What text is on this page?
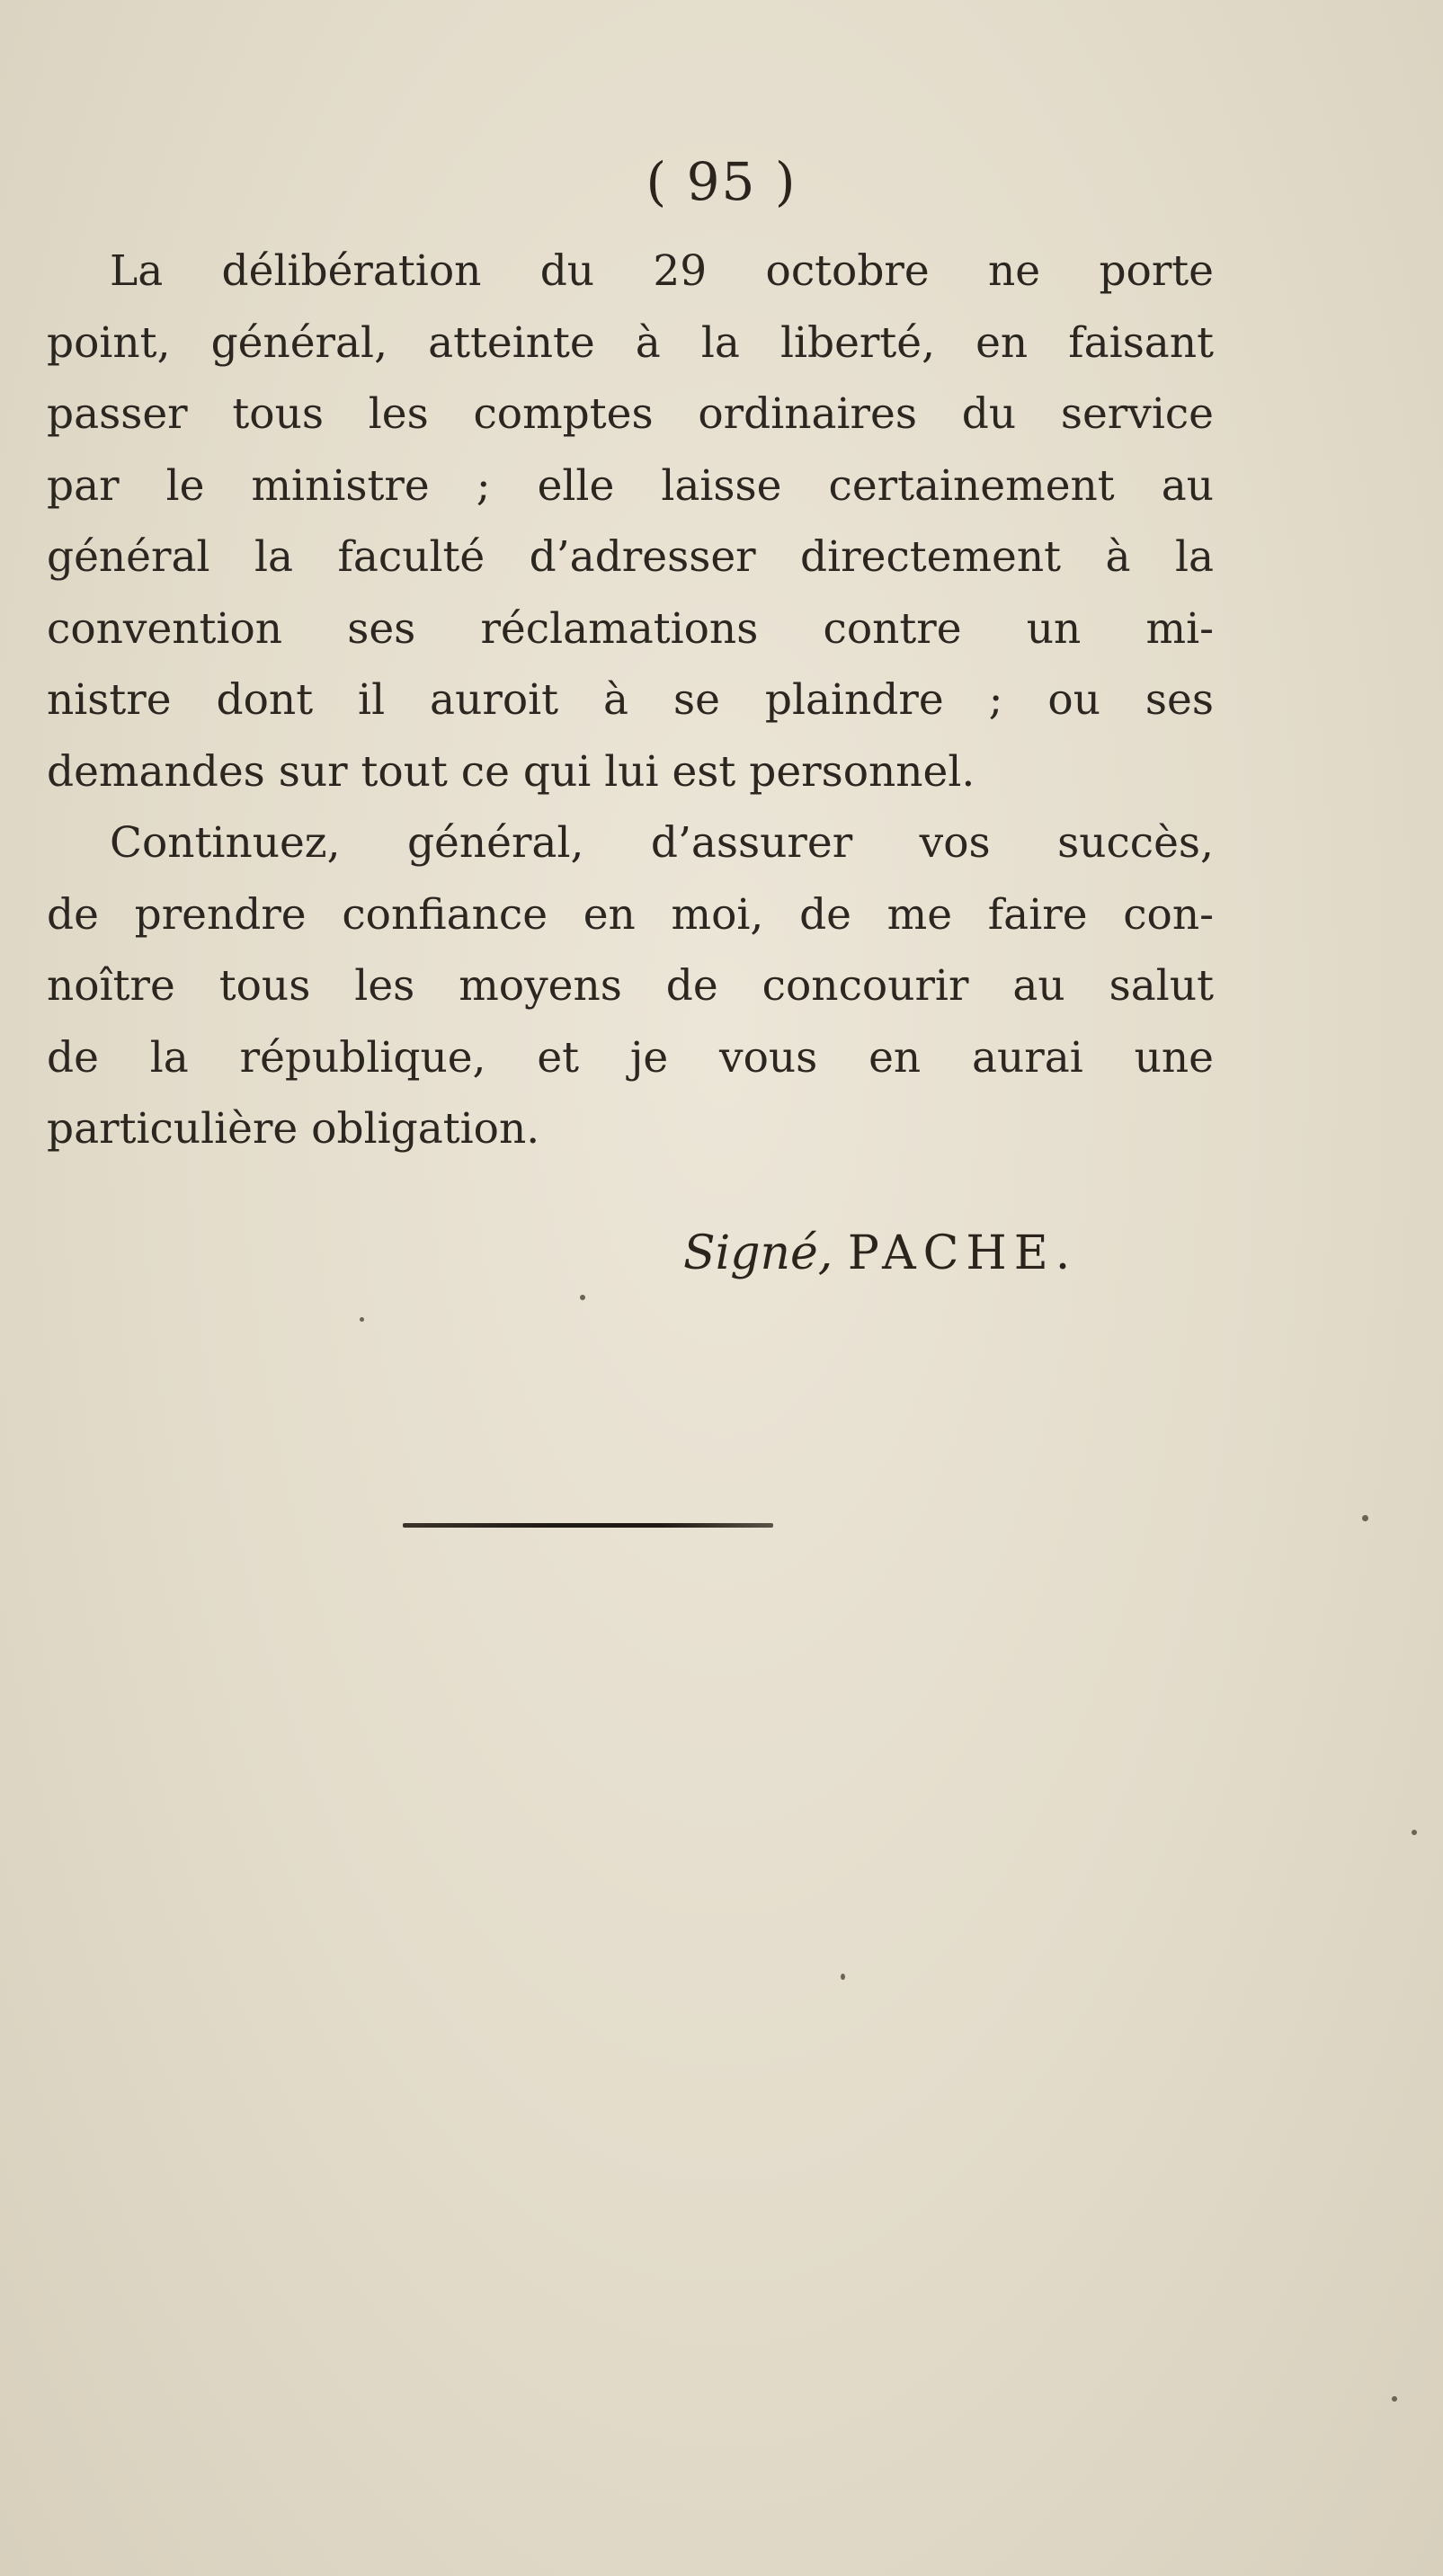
( 95 )
La délibération du 29 octobre ne porte
point, général, atteinte à la liberté, en faisant
passer tous les comptes ordinaires du service
par le ministre ; elle laisse certainement au
général la faculté d’adresser directement à la
convention ses réclamations contre un mi-
nistre dont il auroit à se plaindre ; ou ses
demandes sur tout ce qui lui est personnel.
Continuez, général, d’assurer vos succès,
de prendre confiance en moi, de me faire con-
noître tous les moyens de concourir au salut
de la république, et je vous en aurai une
particulière obligation.
Signé, PACHE.
